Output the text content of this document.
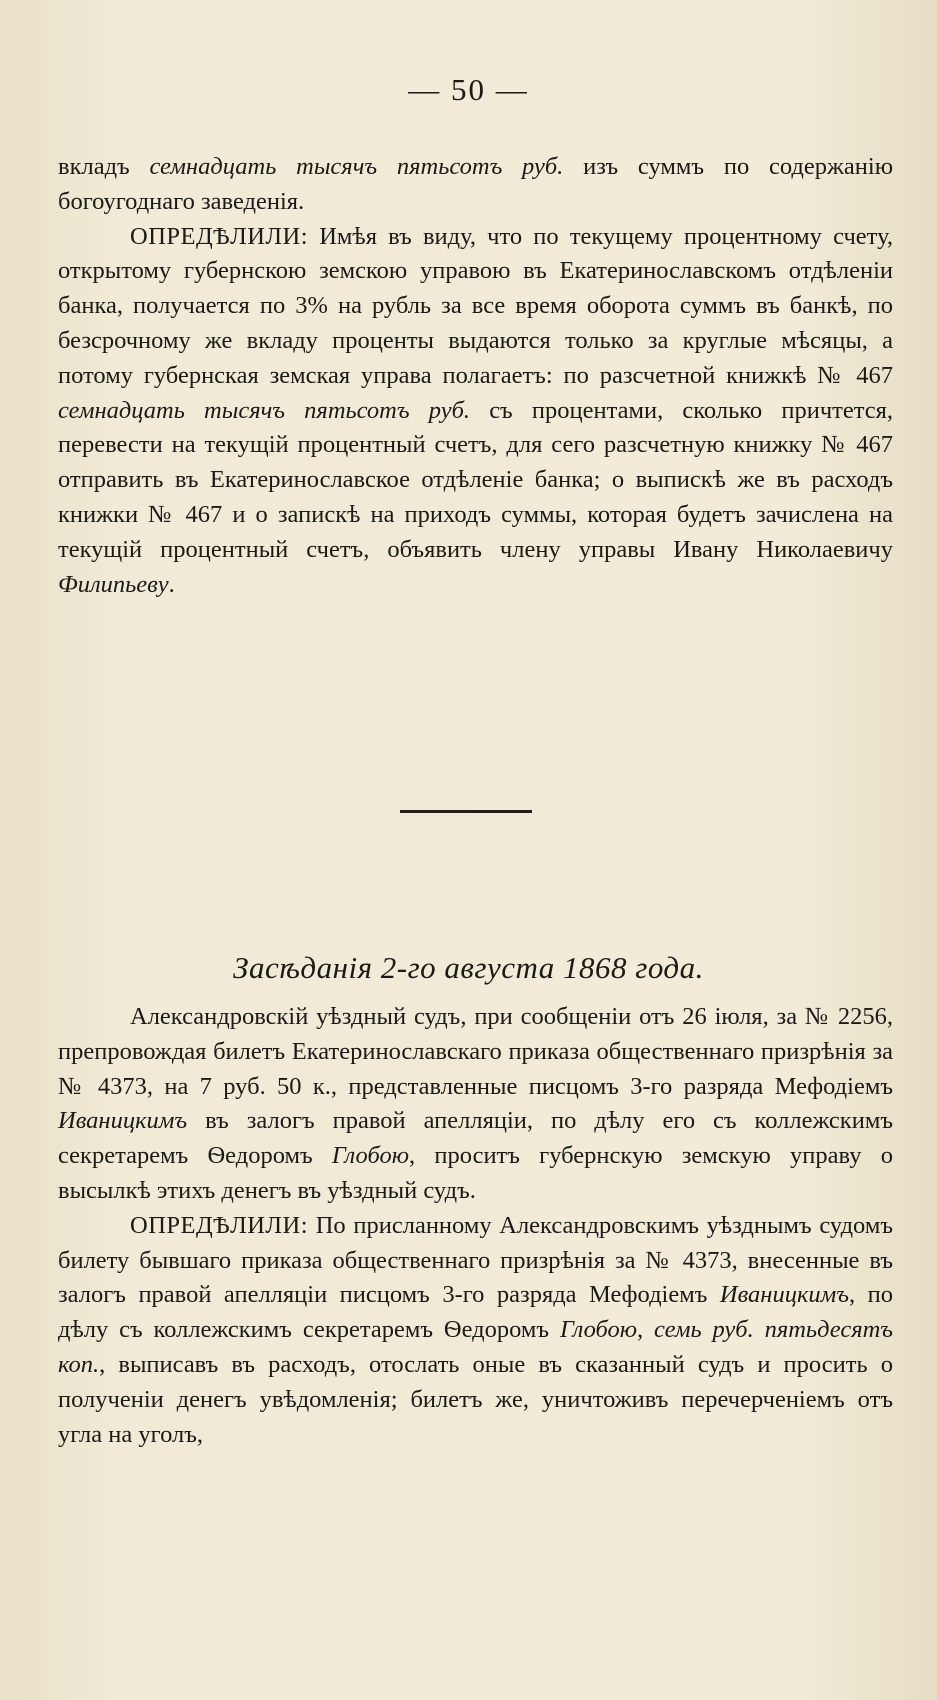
— 50 —

вкладъ семнадцать тысячъ пятьсотъ руб. изъ суммъ по содержанію богоугоднаго заведенія.

ОПРЕДѢЛИЛИ: Имѣя въ виду, что по текущему процентному счету, открытому губернскою земскою управою въ Екатеринославскомъ отдѣленіи банка, получается по 3% на рубль за все время оборота суммъ въ банкѣ, по безсрочному же вкладу проценты выдаются только за круглые мѣсяцы, а потому губернская земская управа полагаетъ: по разсчетной книжкѣ № 467 семнадцать тысячъ пятьсотъ руб. съ процентами, сколько причтется, перевести на текущій процентный счетъ, для сего разсчетную книжку № 467 отправить въ Екатеринославское отдѣленіе банка; о выпискѣ же въ расходъ книжки № 467 и о запискѣ на приходъ суммы, которая будетъ зачислена на текущій процентный счетъ, объявить члену управы Ивану Николаевичу Филипьеву.

Засѣданія 2-го августа 1868 года.

Александровскій уѣздный судъ, при сообщеніи отъ 26 іюля, за № 2256, препровождая билетъ Екатеринославскаго приказа общественнаго призрѣнія за № 4373, на 7 руб. 50 к., представленные писцомъ 3-го разряда Мефодіемъ Иваницкимъ въ залогъ правой апелляціи, по дѣлу его съ коллежскимъ секретаремъ Ѳедоромъ Глобою, проситъ губернскую земскую управу о высылкѣ этихъ денегъ въ уѣздный судъ.

ОПРЕДѢЛИЛИ: По присланному Александровскимъ уѣзднымъ судомъ билету бывшаго приказа общественнаго призрѣнія за № 4373, внесенные въ залогъ правой апелляціи писцомъ 3-го разряда Мефодіемъ Иваницкимъ, по дѣлу съ коллежскимъ секретаремъ Ѳедоромъ Глобою, семь руб. пятьдесятъ коп., выписавъ въ расходъ, отослать оные въ сказанный судъ и просить о полученіи денегъ увѣдомленія; билетъ же, уничтоживъ перечерченіемъ отъ угла на уголъ,
